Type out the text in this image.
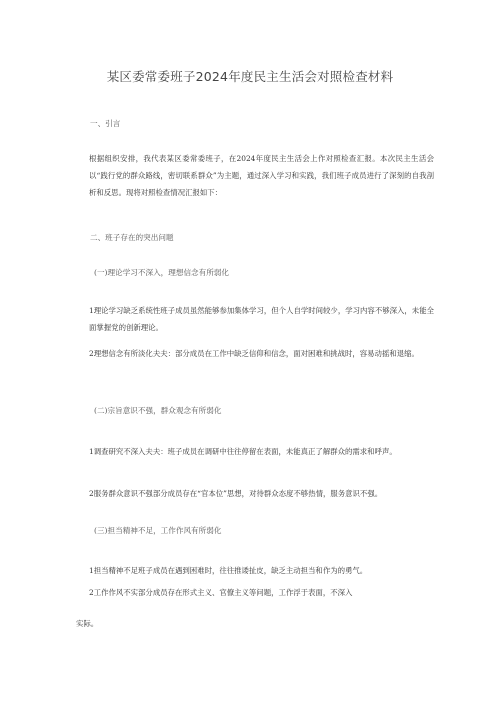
某区委常委班子2024年度民主生活会对照检查材料
一、引言
根据组织安排，我代表某区委常委班子，在2024年度民主生活会上作对照检查汇报。本次民主生活会以“践行党的群众路线，密切联系群众”为主题，通过深入学习和实践，我们班子成员进行了深刻的自我剖析和反思。现将对照检查情况汇报如下：
二、班子存在的突出问题
(一)理论学习不深入，理想信念有所弱化
1理论学习缺乏系统性班子成员虽然能够参加集体学习，但个人自学时间较少，学习内容不够深入，未能全面掌握党的创新理论。
2理想信念有所淡化夫夫：部分成员在工作中缺乏信仰和信念，面对困难和挑战时，容易动摇和退缩。
(二)宗旨意识不强，群众观念有所弱化
1调查研究不深入夫夫：班子成员在调研中往往停留在表面，未能真正了解群众的需求和呼声。
2服务群众意识不强部分成员存在“官本位”思想，对待群众态度不够热情，服务意识不强。
(三)担当精神不足，工作作风有所弱化
1担当精神不足班子成员在遇到困难时，往往推诿扯皮，缺乏主动担当和作为的勇气。
2工作作风不实部分成员存在形式主义、官僚主义等问题，工作浮于表面，不深入
实际。
